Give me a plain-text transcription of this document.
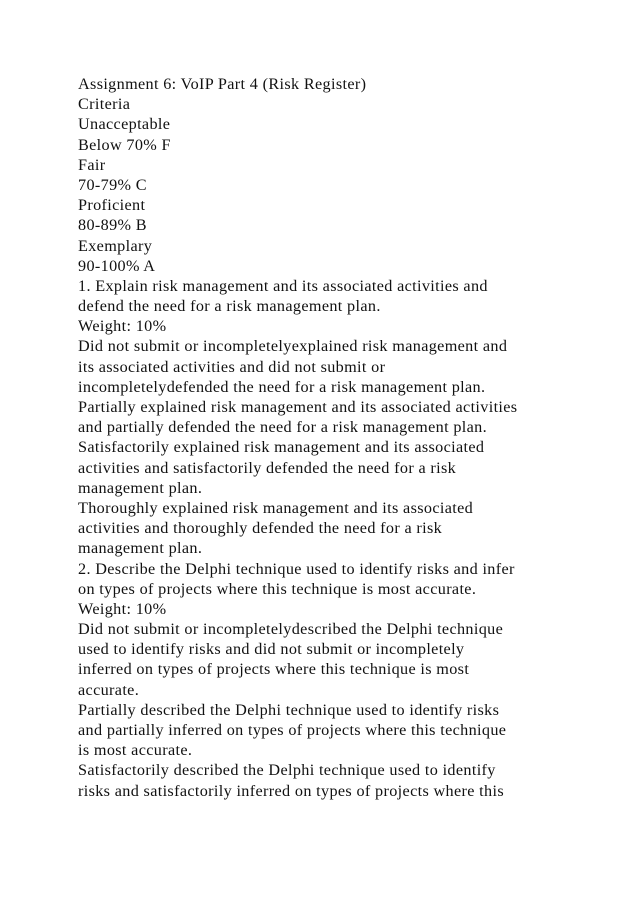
Assignment 6: VoIP Part 4 (Risk Register)
Criteria
Unacceptable
Below 70% F
Fair
70-79% C
Proficient
80-89% B
Exemplary
90-100% A
1. Explain risk management and its associated activities and
defend the need for a risk management plan.
Weight: 10%
Did not submit or incompletelyexplained risk management and
its associated activities and did not submit or
incompletelydefended the need for a risk management plan.
Partially explained risk management and its associated activities
and partially defended the need for a risk management plan.
Satisfactorily explained risk management and its associated
activities and satisfactorily defended the need for a risk
management plan.
Thoroughly explained risk management and its associated
activities and thoroughly defended the need for a risk
management plan.
2. Describe the Delphi technique used to identify risks and infer
on types of projects where this technique is most accurate.
Weight: 10%
Did not submit or incompletelydescribed the Delphi technique
used to identify risks and did not submit or incompletely
inferred on types of projects where this technique is most
accurate.
Partially described the Delphi technique used to identify risks
and partially inferred on types of projects where this technique
is most accurate.
Satisfactorily described the Delphi technique used to identify
risks and satisfactorily inferred on types of projects where this
